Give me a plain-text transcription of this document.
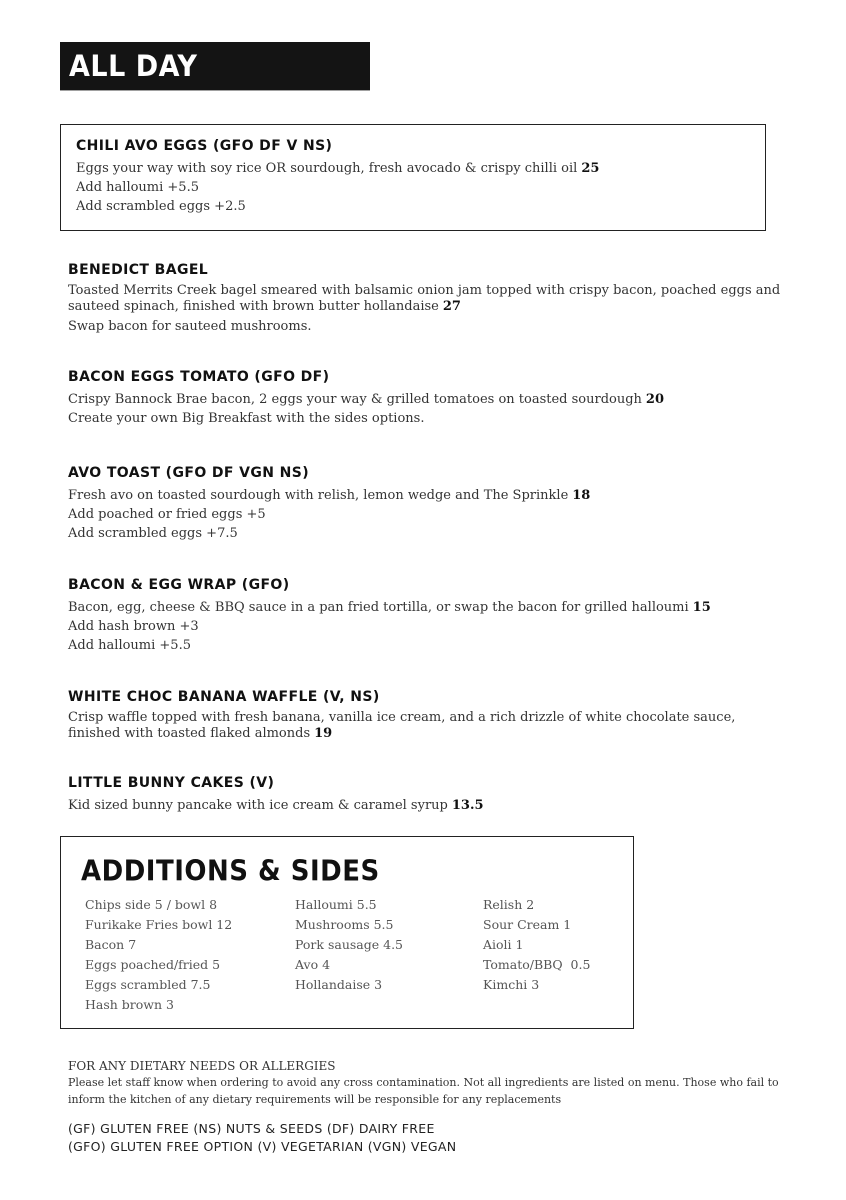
ALL DAY BREAKFAST
CHILI AVO EGGS (GFO DF V NS)

Eggs your way with soy rice OR sourdough, fresh avocado & crispy chilli oil 25

Add halloumi +5.5

Add scrambled eggs +2.5

BENEDICT BAGEL

Toasted Merrits Creek bagel smeared with balsamic onion jam topped with crispy bacon, poached eggs and sauteed spinach, finished with brown butter hollandaise 27

Swap bacon for sauteed mushrooms.

BACON EGGS TOMATO (GFO DF)

Crispy Bannock Brae bacon, 2 eggs your way & grilled tomatoes on toasted sourdough 20

Create your own Big Breakfast with the sides options.

AVO TOAST (GFO DF VGN NS)

Fresh avo on toasted sourdough with relish, lemon wedge and The Sprinkle 18

Add poached or fried eggs +5

Add scrambled eggs +7.5

BACON & EGG WRAP (GFO)

Bacon, egg, cheese & BBQ sauce in a pan fried tortilla, or swap the bacon for grilled halloumi 15

Add hash brown +3

Add halloumi +5.5

WHITE CHOC BANANA WAFFLE (V, NS)

Crisp waffle topped with fresh banana, vanilla ice cream, and a rich drizzle of white chocolate sauce, finished with toasted flaked almonds 19

LITTLE BUNNY CAKES (V)

Kid sized bunny pancake with ice cream & caramel syrup 13.5

ADDITIONS & SIDES
Chips side 5 / bowl 8
Furikake Fries bowl 12
Bacon 7
Eggs poached/fried 5
Eggs scrambled 7.5
Hash brown 3
Halloumi 5.5
Mushrooms 5.5
Pork sausage 4.5
Avo 4
Hollandaise 3
Relish 2
Sour Cream 1
Aioli 1
Tomato/BBQ  0.5
Kimchi 3

FOR ANY DIETARY NEEDS OR ALLERGIES

Please let staff know when ordering to avoid any cross contamination. Not all ingredients are listed on menu. Those who fail to inform the kitchen of any dietary requirements will be responsible for any replacements

(GF) GLUTEN FREE (NS) NUTS & SEEDS (DF) DAIRY FREE

(GFO) GLUTEN FREE OPTION (V) VEGETARIAN (VGN) VEGAN
